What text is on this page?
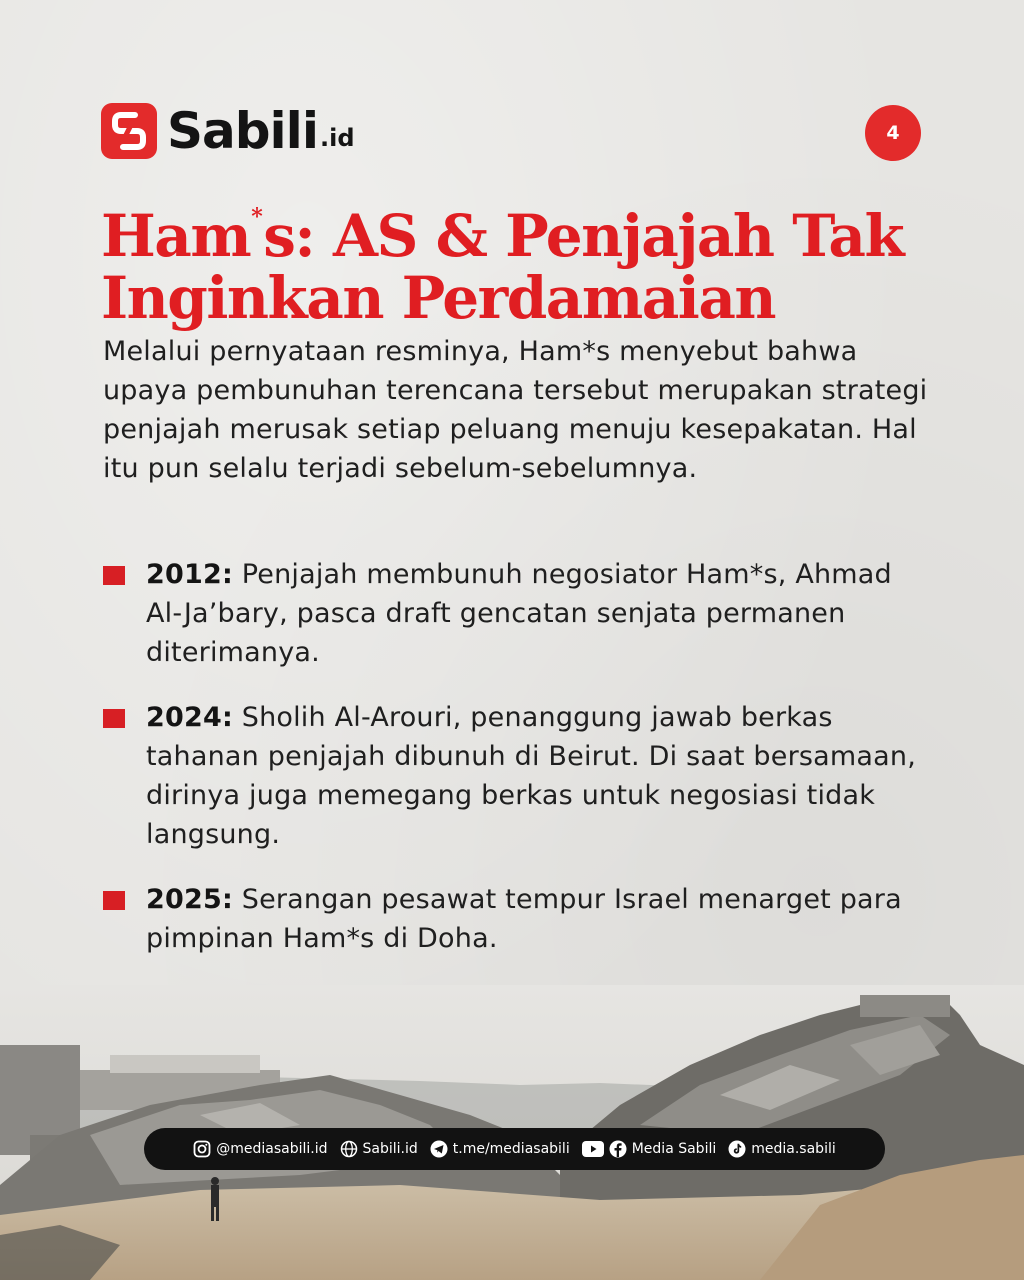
Sabili .id	4
Ham*s: AS & Penjajah Tak
Inginkan Perdamaian

Melalui pernyataan resminya, Ham*s menyebut bahwa upaya pembunuhan terencana tersebut merupakan strategi penjajah merusak setiap peluang menuju kesepakatan. Hal itu pun selalu terjadi sebelum-sebelumnya.

2012: Penjajah membunuh negosiator Ham*s, Ahmad Al-Ja’bary, pasca draft gencatan senjata permanen diterimanya.
2024: Sholih Al-Arouri, penanggung jawab berkas tahanan penjajah dibunuh di Beirut. Di saat bersamaan, dirinya juga memegang berkas untuk negosiasi tidak langsung.
2025: Serangan pesawat tempur Israel menarget para pimpinan Ham*s di Doha.
@mediasabili.id	Sabili.id	t.me/mediasabili	Media Sabili	media.sabili
